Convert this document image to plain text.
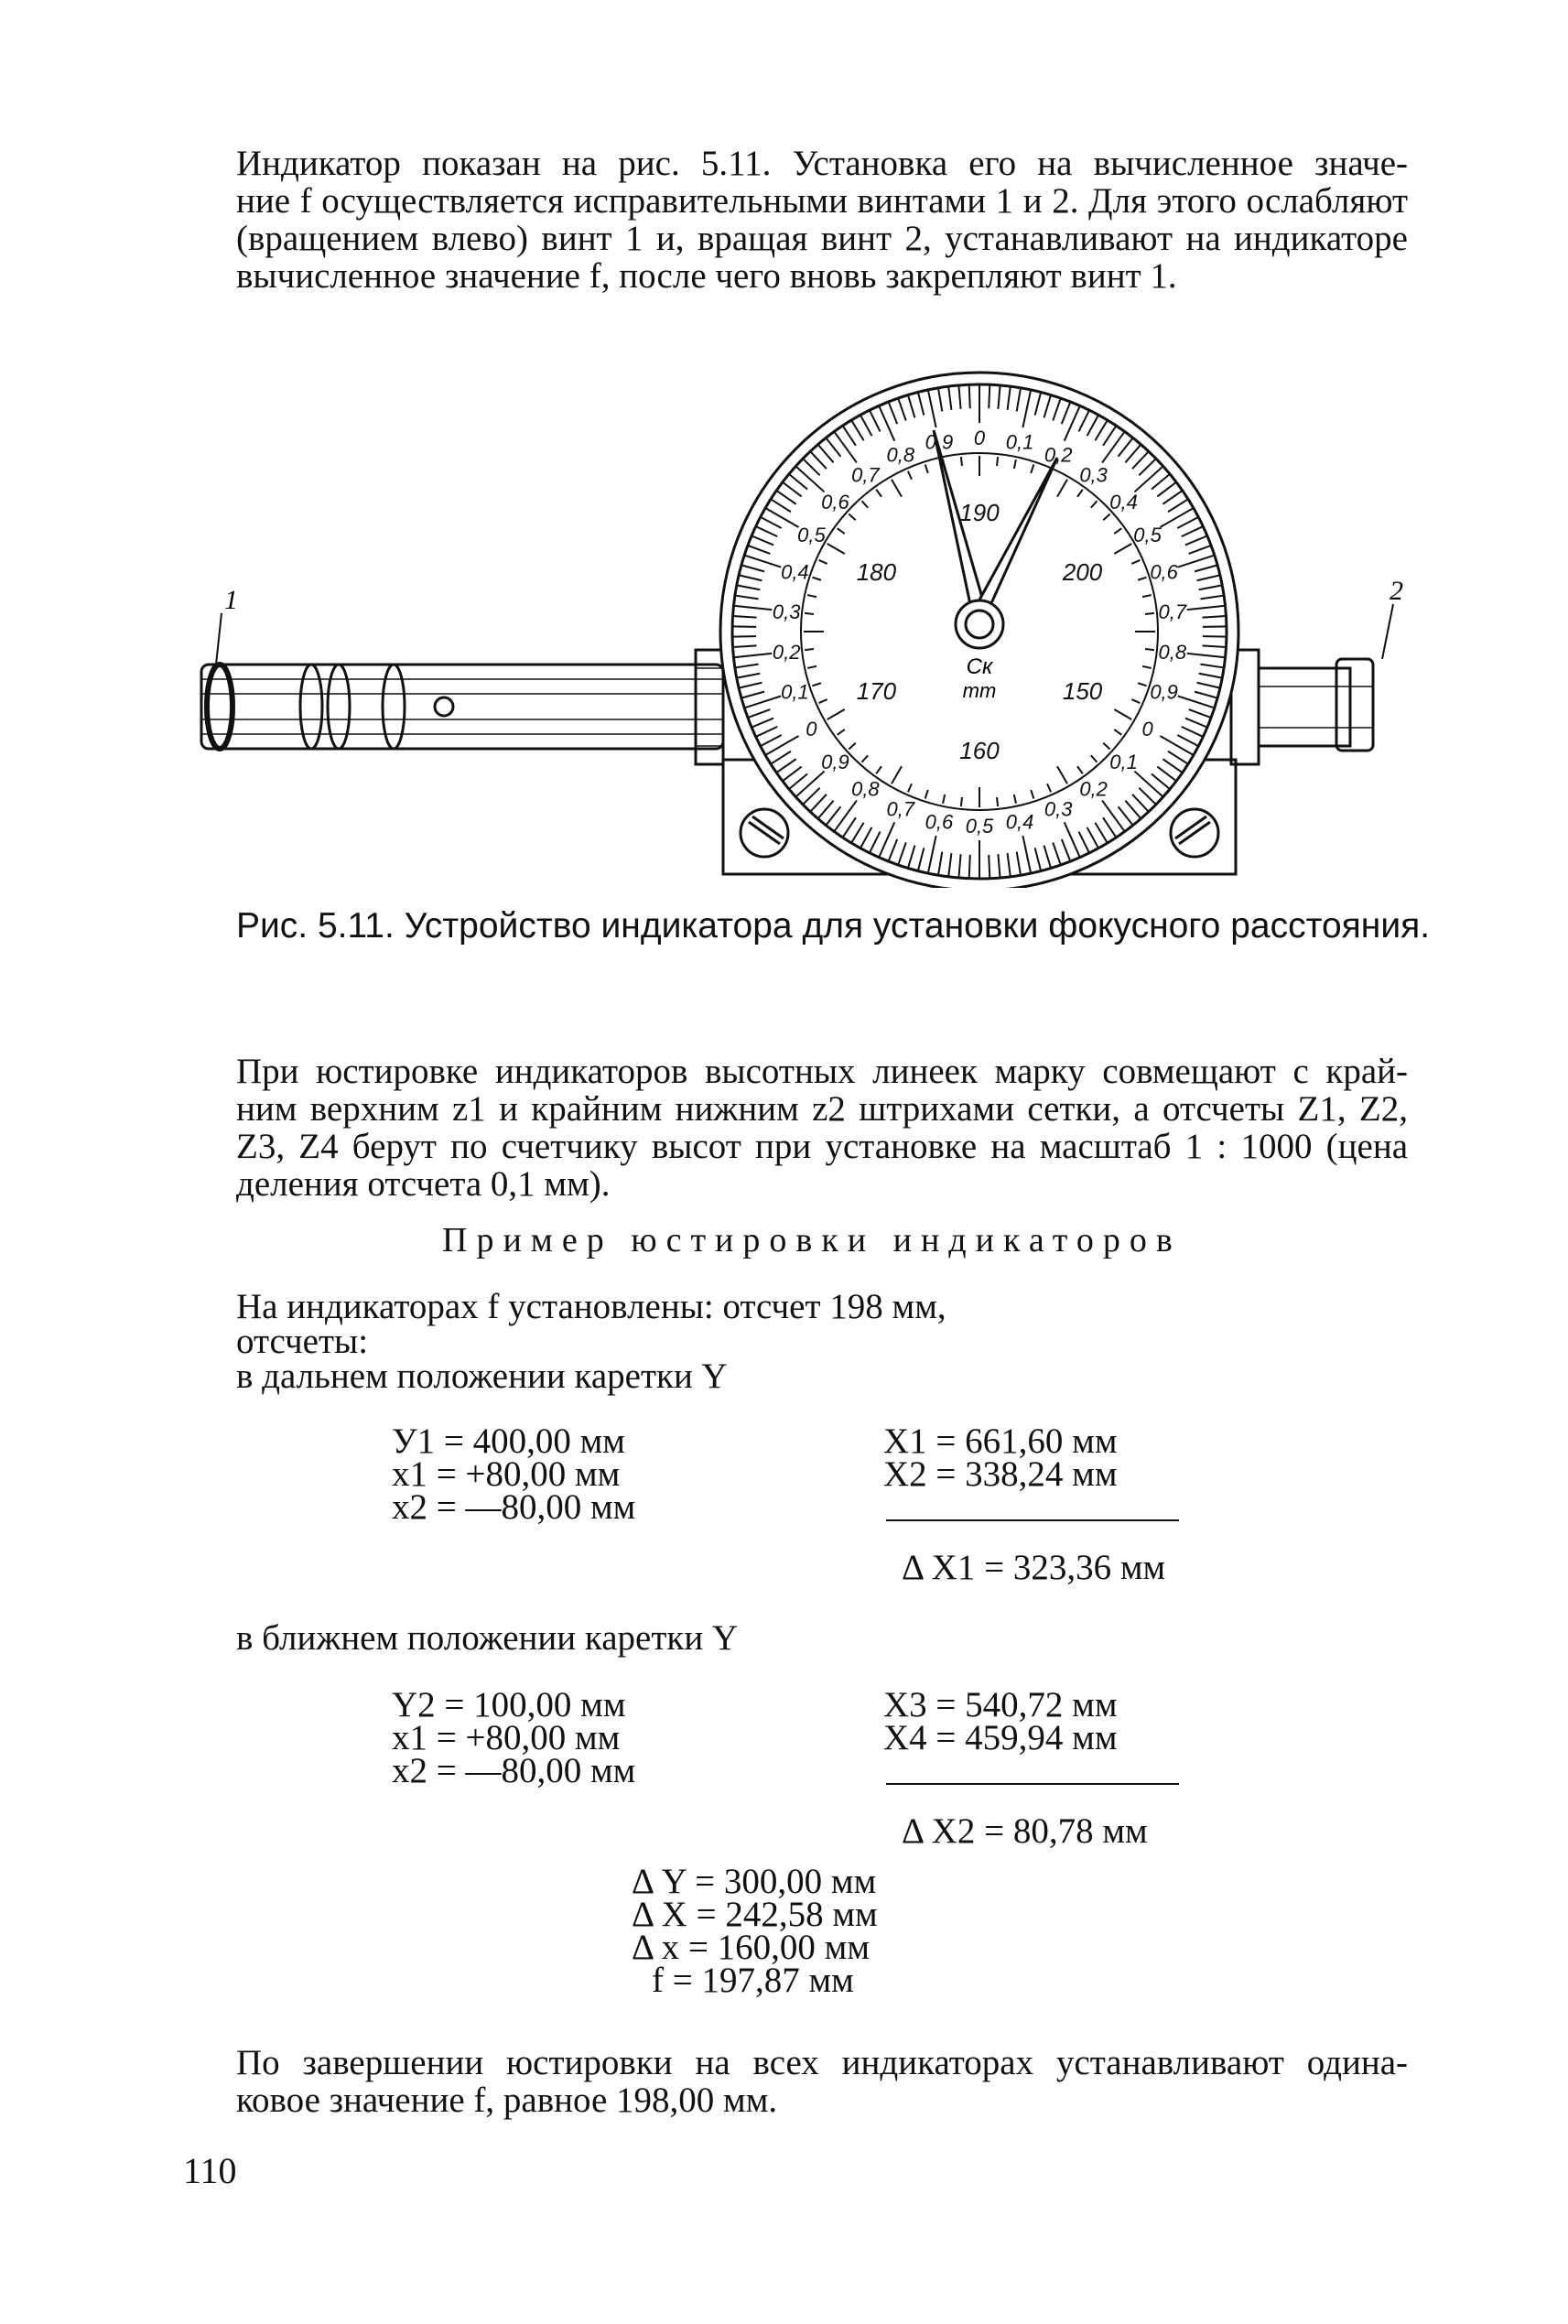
Индикатор показан на рис. 5.11. Установка его на вычисленное значе-
ние f осуществляется исправительными винтами 1 и 2. Для этого ослабляют
(вращением влево) винт 1 и, вращая винт 2, устанавливают на индикаторе
вычисленное значение f, после чего вновь закрепляют винт 1.
0,9 0 0,1
0,2
0,3
0,4
0,5
0,6
0,7
0,8
0,9
0
0,1
0,2
0,3
0,4
0,5
0,6
0,7
0,8
0,9
0
0,1
0,2
0,3
0,4
0,5
0,6
0,7
0,8
190
200
150
160
170
180
Cк
mm
1	2
Рис. 5.11. Устройство индикатора для установки фокусного расстояния.
При юстировке индикаторов высотных линеек марку совмещают с край-
ним верхним z1 и крайним нижним z2 штрихами сетки, а отсчеты Z1, Z2,
Z3, Z4 берут по счетчику высот при установке на масштаб 1 : 1000 (цена
деления отсчета 0,1 мм).
Пример юстировки индикаторов
На индикаторах f установлены: отсчет 198 мм,
отсчеты:
в дальнем положении каретки Y
У1 = 400,00 мм
x1 = +80,00 мм
x2 = —80,00 мм
X1 = 661,60 мм
X2 = 338,24 мм
Δ X1 = 323,36 мм
в ближнем положении каретки Y
Y2 = 100,00 мм
x1 = +80,00 мм
x2 = —80,00 мм
X3 = 540,72 мм
X4 = 459,94 мм
Δ X2 = 80,78 мм
Δ Y = 300,00 мм
Δ X = 242,58 мм
Δ x = 160,00 мм
f = 197,87 мм
По завершении юстировки на всех индикаторах устанавливают одина-
ковое значение f, равное 198,00 мм.
110
